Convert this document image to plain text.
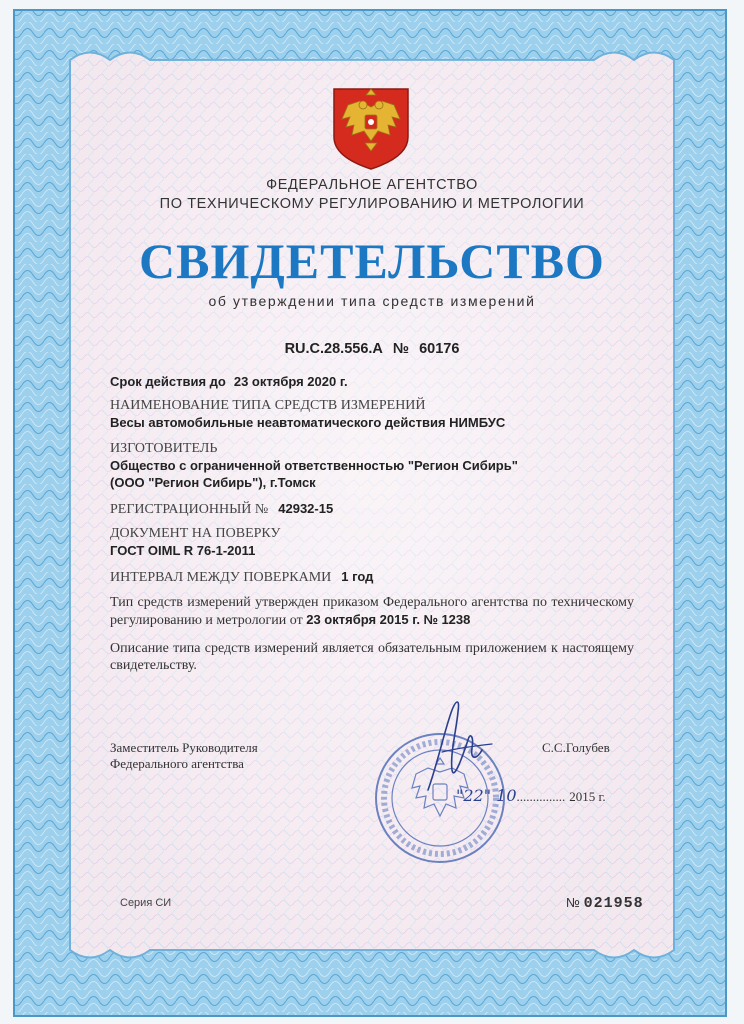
ФЕДЕРАЛЬНОЕ АГЕНТСТВО
ПО ТЕХНИЧЕСКОМУ РЕГУЛИРОВАНИЮ И МЕТРОЛОГИИ
СВИДЕТЕЛЬСТВО
об утверждении типа средств измерений
RU.C.28.556.A № 60176
Срок действия до 23 октября 2020 г.
НАИМЕНОВАНИЕ ТИПА СРЕДСТВ ИЗМЕРЕНИЙ
Весы автомобильные неавтоматического действия НИМБУС
ИЗГОТОВИТЕЛЬ
Общество с ограниченной ответственностью "Регион Сибирь"
(ООО "Регион Сибирь"), г.Томск
РЕГИСТРАЦИОННЫЙ № 42932-15
ДОКУМЕНТ НА ПОВЕРКУ
ГОСТ OIML R 76-1-2011
ИНТЕРВАЛ МЕЖДУ ПОВЕРКАМИ 1 год
Тип средств измерений утвержден приказом Федерального агентства по техническому регулированию и метрологии от 23 октября 2015 г. № 1238
Описание типа средств измерений является обязательным приложением к настоящему свидетельству.
Заместитель Руководителя
Федерального агентства
С.С.Голубев
"22" 10............... 2015 г.
Серия СИ	№ 021958
